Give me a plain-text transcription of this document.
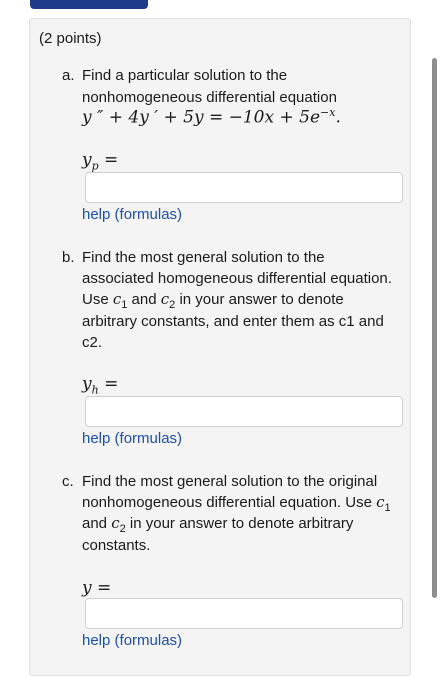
(2 points)
a. Find a particular solution to the
nonhomogeneous differential equation
y ″ + 4y ′ + $5y = -10x + 5e^{-x}$.
$y_p$ =
help (formulas)
b. Find the most general solution to the
associated homogeneous differential equation.
Use $c_1$ and $c_2$ in your answer to denote
arbitrary constants, and enter them as c1 and
c2.
$y_h$ =
help (formulas)
c. Find the most general solution to the original
nonhomogeneous differential equation. Use $c_1$
and $c_2$ in your answer to denote arbitrary
constants.
y =
help (formulas)
